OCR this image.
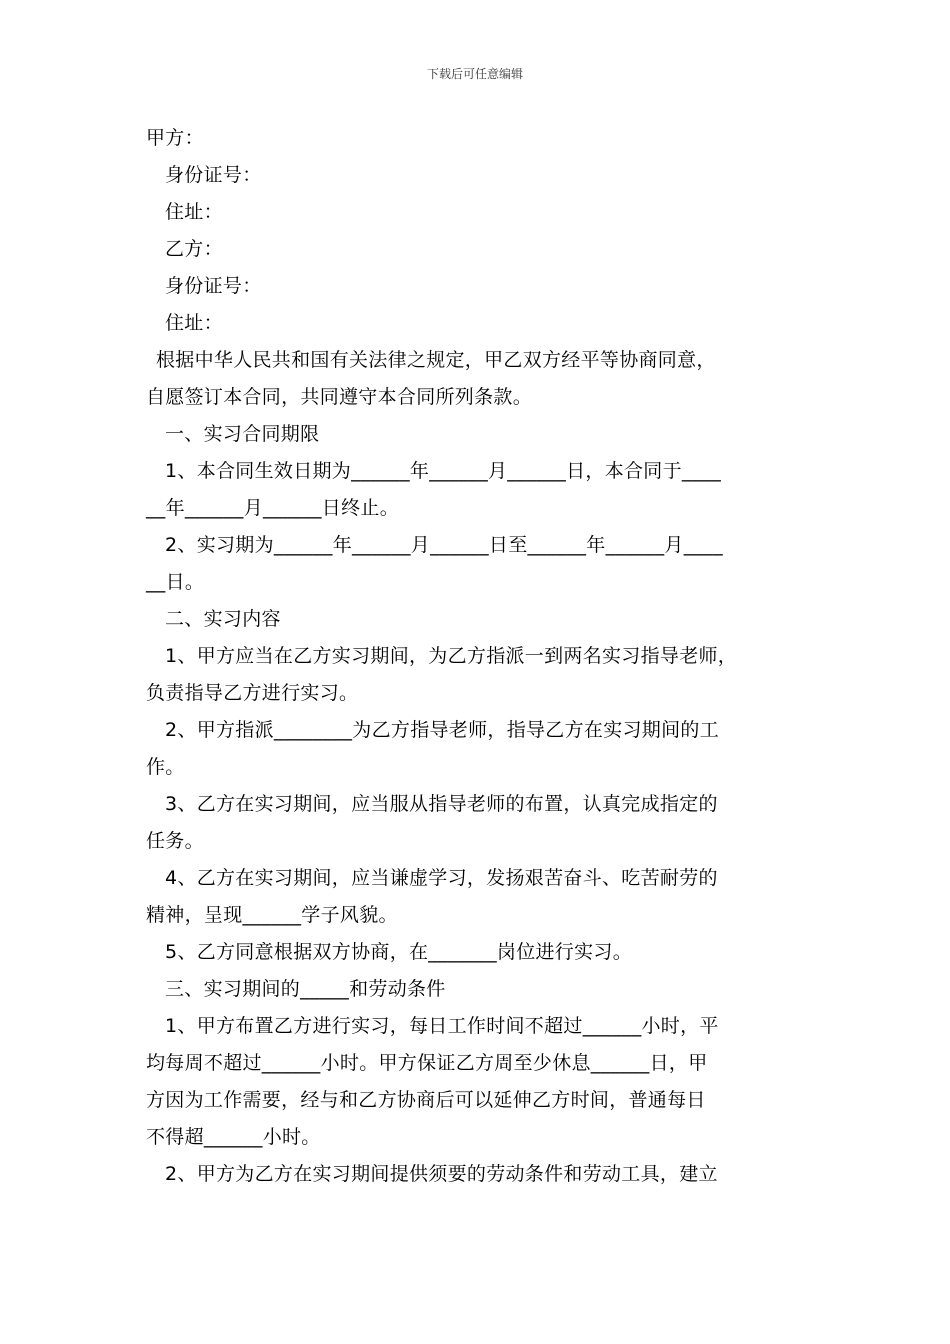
下载后可任意编辑
甲方：
身份证号：
住址：
乙方：
身份证号：
住址：
根据中华人民共和国有关法律之规定，甲乙双方经平等协商同意，
自愿签订本合同，共同遵守本合同所列条款。
一、实习合同期限
1、本合同生效日期为______年______月______日，本合同于____
__年______月______日终止。
2、实习期为______年______月______日至______年______月____
__日。
二、实习内容
1、甲方应当在乙方实习期间，为乙方指派一到两名实习指导老师，
负责指导乙方进行实习。
2、甲方指派________为乙方指导老师，指导乙方在实习期间的工
作。
3、乙方在实习期间，应当服从指导老师的布置，认真完成指定的
任务。
4、乙方在实习期间，应当谦虚学习，发扬艰苦奋斗、吃苦耐劳的
精神，呈现______学子风貌。
5、乙方同意根据双方协商，在_______岗位进行实习。
三、实习期间的_____和劳动条件
1、甲方布置乙方进行实习，每日工作时间不超过______小时，平
均每周不超过______小时。甲方保证乙方周至少休息______日，甲
方因为工作需要，经与和乙方协商后可以延伸乙方时间，普通每日
不得超______小时。
2、甲方为乙方在实习期间提供须要的劳动条件和劳动工具，建立
